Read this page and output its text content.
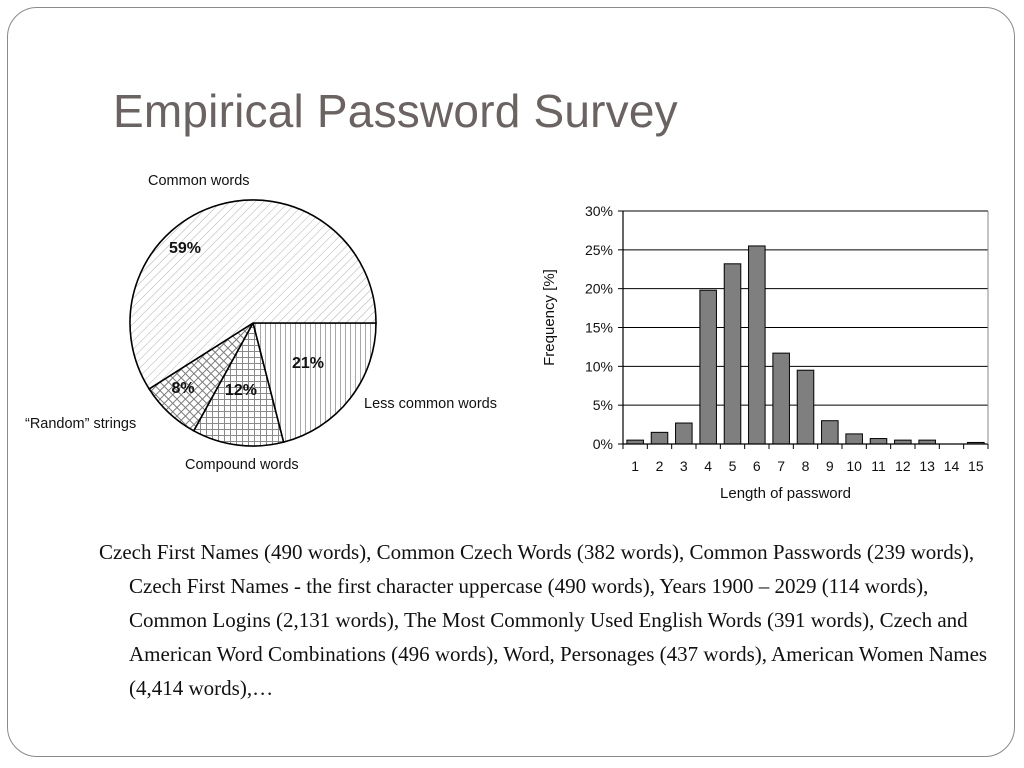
Empirical Password Survey
59%
Common words
21%
Less common words
12%
Compound words
8%
“Random” strings
0%
5%
10%
15%
20%
25%
30%
1 2 3 4 5 6 7 8 9 10 11 12 13 14 15
Length of password
Frequency [%]

Czech First Names (490 words), Common Czech Words (382 words), Common Passwords (239 words), Czech First Names - the first character uppercase (490 words), Years 1900 – 2029 (114 words), Common Logins (2,131 words), The Most Commonly Used English Words (391 words), Czech and American Word Combinations (496 words), Word, Personages (437 words), American Women Names (4,414 words),…
